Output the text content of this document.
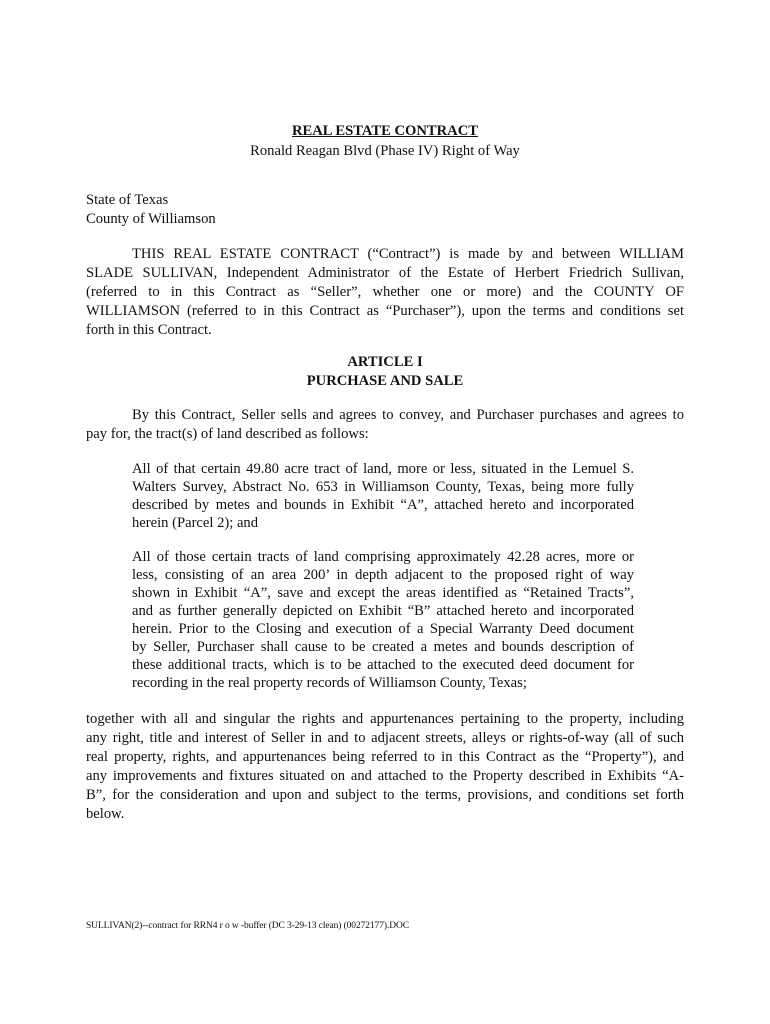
REAL ESTATE CONTRACT
Ronald Reagan Blvd (Phase IV) Right of Way
State of Texas
County of Williamson
THIS REAL ESTATE CONTRACT (“Contract”) is made by and between WILLIAM
SLADE SULLIVAN, Independent Administrator of the Estate of Herbert Friedrich Sullivan,
(referred to in this Contract as “Seller”, whether one or more) and the COUNTY OF
WILLIAMSON (referred to in this Contract as “Purchaser”), upon the terms and conditions set
forth in this Contract.
ARTICLE I
PURCHASE AND SALE
By this Contract, Seller sells and agrees to convey, and Purchaser purchases and agrees to
pay for, the tract(s) of land described as follows:
All of that certain 49.80 acre tract of land, more or less, situated in the Lemuel S.
Walters Survey, Abstract No. 653 in Williamson County, Texas, being more fully
described by metes and bounds in Exhibit “A”, attached hereto and incorporated
herein (Parcel 2); and
All of those certain tracts of land comprising approximately 42.28 acres, more or
less, consisting of an area 200’ in depth adjacent to the proposed right of way
shown in Exhibit “A”, save and except the areas identified as “Retained Tracts”,
and as further generally depicted on Exhibit “B” attached hereto and incorporated
herein. Prior to the Closing and execution of a Special Warranty Deed document
by Seller, Purchaser shall cause to be created a metes and bounds description of
these additional tracts, which is to be attached to the executed deed document for
recording in the real property records of Williamson County, Texas;
together with all and singular the rights and appurtenances pertaining to the property, including
any right, title and interest of Seller in and to adjacent streets, alleys or rights-of-way (all of such
real property, rights, and appurtenances being referred to in this Contract as the “Property”), and
any improvements and fixtures situated on and attached to the Property described in Exhibits “A-
B”, for the consideration and upon and subject to the terms, provisions, and conditions set forth
below.
SULLIVAN(2)--contract for RRN4 r o w -buffer (DC 3-29-13 clean) (00272177).DOC
